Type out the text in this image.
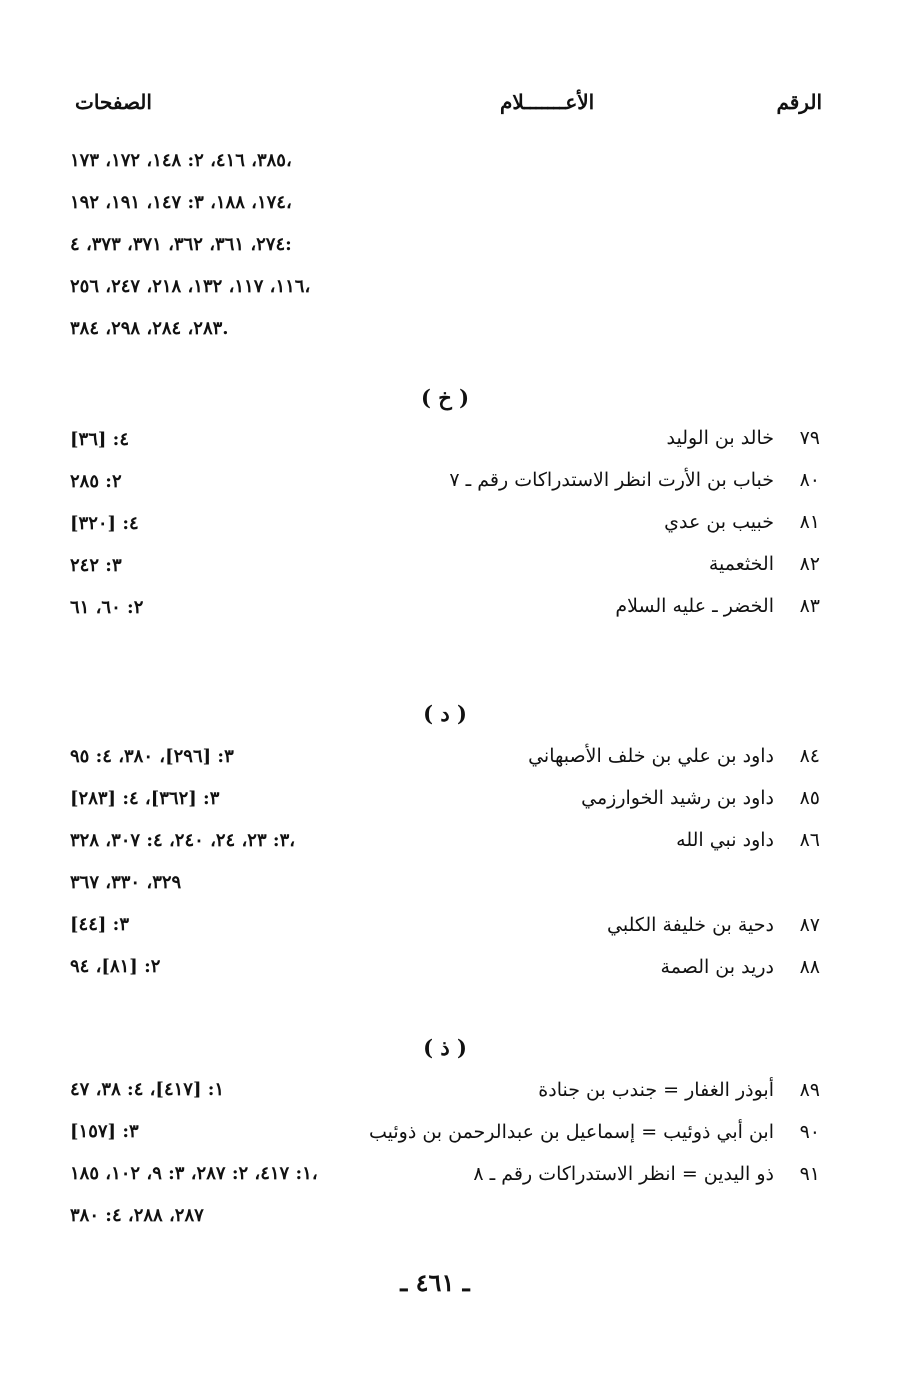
الرقم
الأعـــــــلام
الصفحات
٣٨٥، ٤١٦، ٢: ١٤٨، ١٧٢، ١٧٣،
١٧٤، ١٨٨، ٣: ١٤٧، ١٩١، ١٩٢،
٢٧٤، ٣٦١، ٣٦٢، ٣٧١، ٣٧٣، ٤:
١١٦، ١١٧، ١٣٢، ٢١٨، ٢٤٧، ٢٥٦،
٢٨٣، ٢٨٤، ٢٩٨، ٣٨٤.
( خ )
٧٩
خالد بن الوليد
٤: [٣٦]
٨٠
خباب بن الأرت انظر الاستدراكات رقم ـ ٧
٢: ٢٨٥
٨١
خبيب بن عدي
٤: [٣٢٠]
٨٢
الخثعمية
٣: ٢٤٢
٨٣
الخضر ـ عليه السلام
٢: ٦٠، ٦١
( د )
٨٤
داود بن علي بن خلف الأصبهاني
٣: [٢٩٦]، ٣٨٠، ٤: ٩٥
٨٥
داود بن رشيد الخوارزمي
٣: [٣٦٢]، ٤: [٢٨٣]
٨٦
داود نبي الله
٣: ٢٣، ٢٤، ٢٤٠، ٤: ٣٠٧، ٣٢٨،
٣٢٩، ٣٣٠، ٣٦٧
٨٧
دحية بن خليفة الكلبي
٣: [٤٤]
٨٨
دريد بن الصمة
٢: [٨١]، ٩٤
( ذ )
٨٩
أبوذر الغفار = جندب بن جنادة
١: [٤١٧]، ٤: ٣٨، ٤٧
٩٠
ابن أبي ذوئيب = إسماعيل بن عبدالرحمن بن ذوئيب
٣: [١٥٧]
٩١
ذو اليدين = انظر الاستدراكات رقم ـ ٨
١: ٤١٧، ٢: ٢٨٧، ٣: ٩، ١٠٢، ١٨٥،
٢٨٧، ٢٨٨، ٤: ٣٨٠
ـ ٤٦١ ـ
